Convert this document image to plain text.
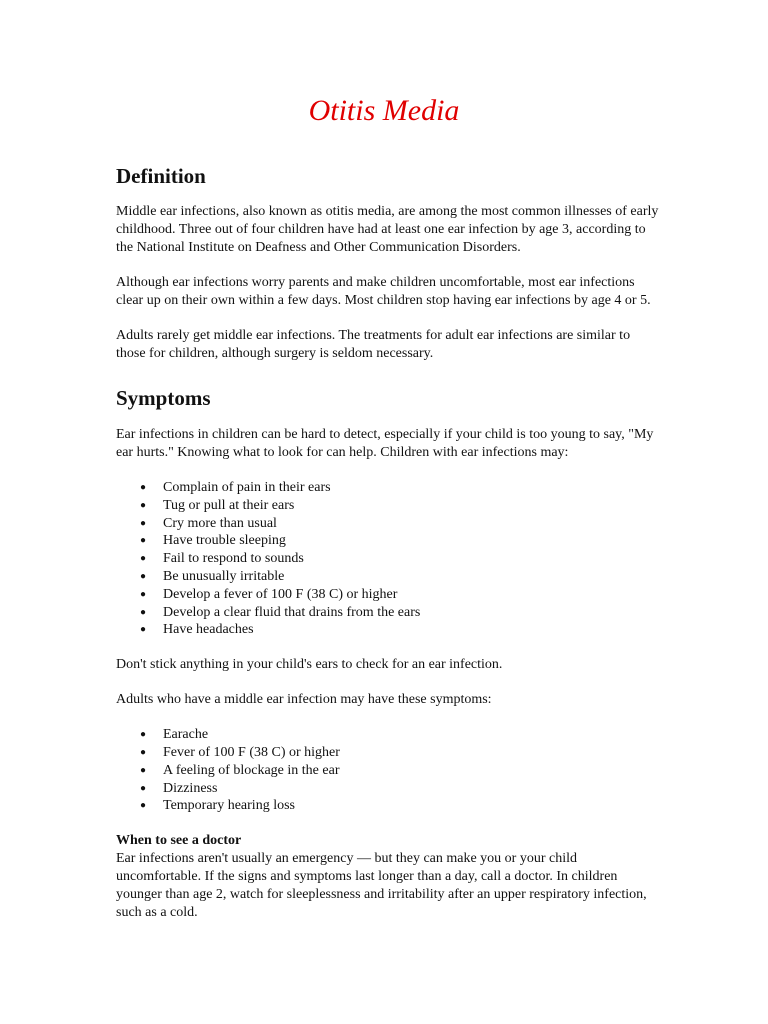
Otitis Media
Definition

Middle ear infections, also known as otitis media, are among the most common illnesses of early childhood. Three out of four children have had at least one ear infection by age 3, according to the National Institute on Deafness and Other Communication Disorders.

Although ear infections worry parents and make children uncomfortable, most ear infections clear up on their own within a few days. Most children stop having ear infections by age 4 or 5.

Adults rarely get middle ear infections. The treatments for adult ear infections are similar to those for children, although surgery is seldom necessary.

Symptoms

Ear infections in children can be hard to detect, especially if your child is too young to say, "My ear hurts." Knowing what to look for can help. Children with ear infections may:

● Complain of pain in their ears
● Tug or pull at their ears
● Cry more than usual
● Have trouble sleeping
● Fail to respond to sounds
● Be unusually irritable
● Develop a fever of 100 F (38 C) or higher
● Develop a clear fluid that drains from the ears
● Have headaches

Don't stick anything in your child's ears to check for an ear infection.

Adults who have a middle ear infection may have these symptoms:

● Earache
● Fever of 100 F (38 C) or higher
● A feeling of blockage in the ear
● Dizziness
● Temporary hearing loss
When to see a doctor

Ear infections aren't usually an emergency — but they can make you or your child uncomfortable. If the signs and symptoms last longer than a day, call a doctor. In children younger than age 2, watch for sleeplessness and irritability after an upper respiratory infection, such as a cold.
